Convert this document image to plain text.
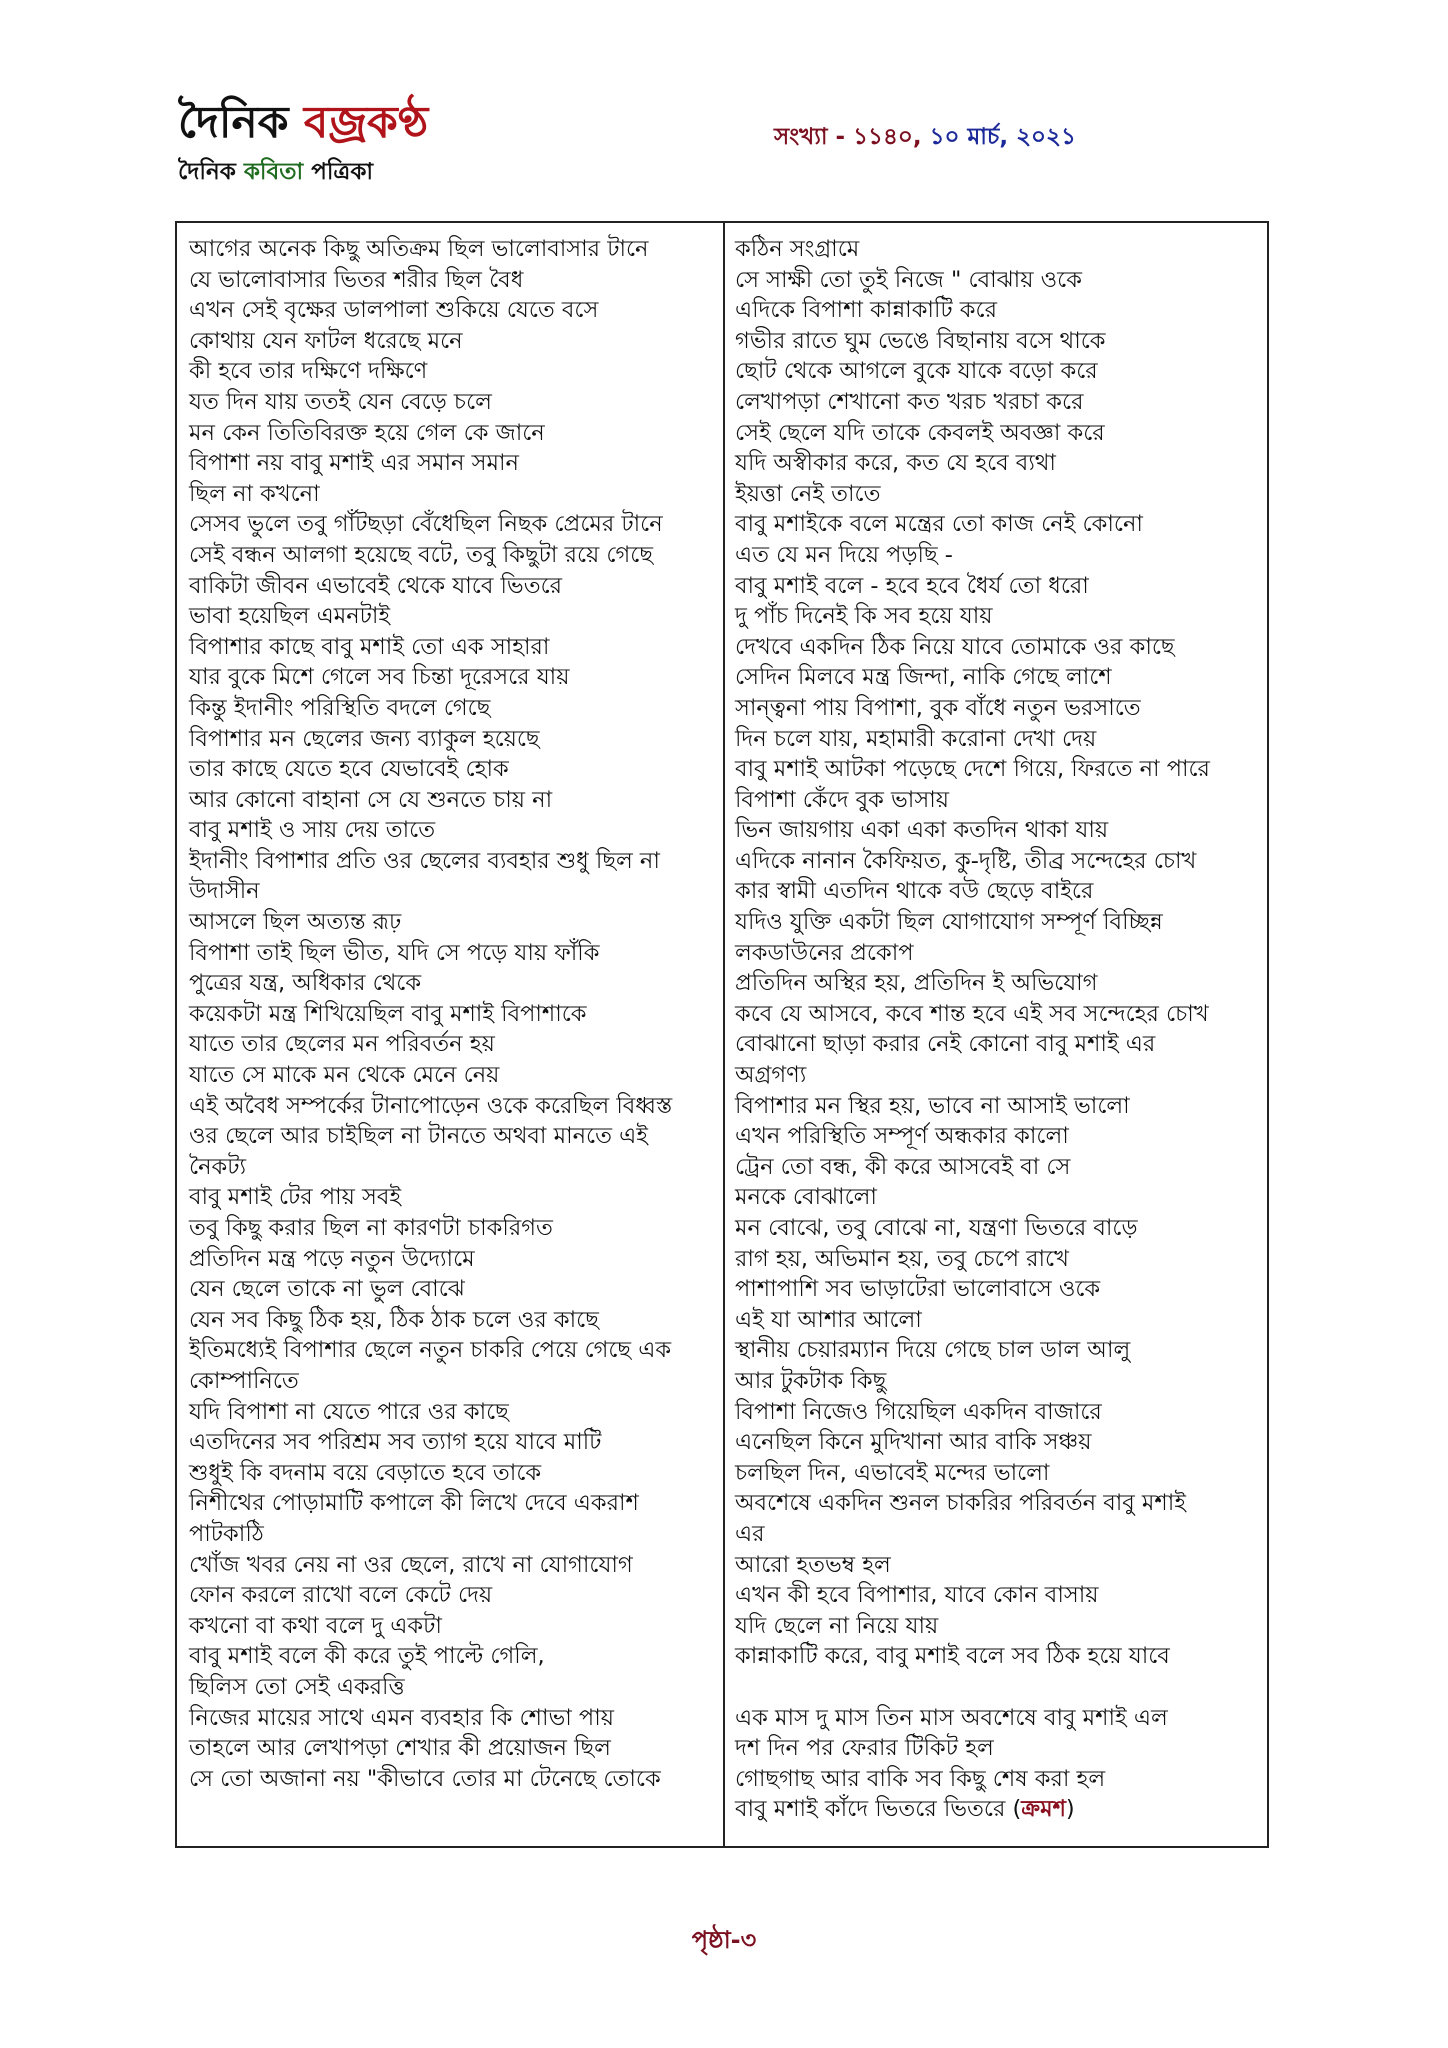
দৈনিক বজ্রকণ্ঠ
দৈনিক কবিতা পত্রিকা
সংখ্যা - ১১৪০, ১০ মার্চ, ২০২১
আগের অনেক কিছু অতিক্রম ছিল ভালোবাসার টানে
যে ভালোবাসার ভিতর শরীর ছিল বৈধ
এখন সেই বৃক্ষের ডালপালা শুকিয়ে যেতে বসে
কোথায় যেন ফাটল ধরেছে মনে
কী হবে তার দক্ষিণে দক্ষিণে
যত দিন যায় ততই যেন বেড়ে চলে
মন কেন তিতিবিরক্ত হয়ে গেল কে জানে
বিপাশা নয় বাবু মশাই এর সমান সমান
ছিল না কখনো
সেসব ভুলে তবু গাঁটছড়া বেঁধেছিল নিছক প্রেমের টানে
সেই বন্ধন আলগা হয়েছে বটে, তবু কিছুটা রয়ে গেছে
বাকিটা জীবন এভাবেই থেকে যাবে ভিতরে
ভাবা হয়েছিল এমনটাই
বিপাশার কাছে বাবু মশাই তো এক সাহারা
যার বুকে মিশে গেলে সব চিন্তা দূরেসরে যায়
কিন্তু ইদানীং পরিস্থিতি বদলে গেছে
বিপাশার মন ছেলের জন্য ব্যাকুল হয়েছে
তার কাছে যেতে হবে যেভাবেই হোক
আর কোনো বাহানা সে যে শুনতে চায় না
বাবু মশাই ও সায় দেয় তাতে
ইদানীং বিপাশার প্রতি ওর ছেলের ব্যবহার শুধু ছিল না
উদাসীন
আসলে ছিল অত্যন্ত রূঢ়
বিপাশা তাই ছিল ভীত, যদি সে পড়ে যায় ফাঁকি
পুত্রের যন্ত্র, অধিকার থেকে
কয়েকটা মন্ত্র শিখিয়েছিল বাবু মশাই বিপাশাকে
যাতে তার ছেলের মন পরিবর্তন হয়
যাতে সে মাকে মন থেকে মেনে নেয়
এই অবৈধ সম্পর্কের টানাপোড়েন ওকে করেছিল বিধ্বস্ত
ওর ছেলে আর চাইছিল না টানতে অথবা মানতে এই
নৈকট্য
বাবু মশাই টের পায় সবই
তবু কিছু করার ছিল না কারণটা চাকরিগত
প্রতিদিন মন্ত্র পড়ে নতুন উদ্যোমে
যেন ছেলে তাকে না ভুল বোঝে
যেন সব কিছু ঠিক হয়, ঠিক ঠাক চলে ওর কাছে
ইতিমধ্যেই বিপাশার ছেলে নতুন চাকরি পেয়ে গেছে এক
কোম্পানিতে
যদি বিপাশা না যেতে পারে ওর কাছে
এতদিনের সব পরিশ্রম সব ত্যাগ হয়ে যাবে মাটি
শুধুই কি বদনাম বয়ে বেড়াতে হবে তাকে
নিশীথের পোড়ামাটি কপালে কী লিখে দেবে একরাশ
পাটকাঠি
খোঁজ খবর নেয় না ওর ছেলে, রাখে না যোগাযোগ
ফোন করলে রাখো বলে কেটে দেয়
কখনো বা কথা বলে দু একটা
বাবু মশাই বলে কী করে তুই পাল্টে গেলি,
ছিলিস তো সেই একরত্তি
নিজের মায়ের সাথে এমন ব্যবহার কি শোভা পায়
তাহলে আর লেখাপড়া শেখার কী প্রয়োজন ছিল
সে তো অজানা নয় "কীভাবে তোর মা টেনেছে তোকে
কঠিন সংগ্রামে
সে সাক্ষী তো তুই নিজে " বোঝায় ওকে
এদিকে বিপাশা কান্নাকাটি করে
গভীর রাতে ঘুম ভেঙে বিছানায় বসে থাকে
ছোট থেকে আগলে বুকে যাকে বড়ো করে
লেখাপড়া শেখানো কত খরচ খরচা করে
সেই ছেলে যদি তাকে কেবলই অবজ্ঞা করে
যদি অস্বীকার করে, কত যে হবে ব্যথা
ইয়ত্তা নেই তাতে
বাবু মশাইকে বলে মন্ত্রের তো কাজ নেই কোনো
এত যে মন দিয়ে পড়ছি -
বাবু মশাই বলে - হবে হবে ধৈর্য তো ধরো
দু পাঁচ দিনেই কি সব হয়ে যায়
দেখবে একদিন ঠিক নিয়ে যাবে তোমাকে ওর কাছে
সেদিন মিলবে মন্ত্র জিন্দা, নাকি গেছে লাশে
সান্ত্বনা পায় বিপাশা, বুক বাঁধে নতুন ভরসাতে
দিন চলে যায়, মহামারী করোনা দেখা দেয়
বাবু মশাই আটকা পড়েছে দেশে গিয়ে, ফিরতে না পারে
বিপাশা কেঁদে বুক ভাসায়
ভিন জায়গায় একা একা কতদিন থাকা যায়
এদিকে নানান কৈফিয়ত, কু-দৃষ্টি, তীব্র সন্দেহের চোখ
কার স্বামী এতদিন থাকে বউ ছেড়ে বাইরে
যদিও যুক্তি একটা ছিল যোগাযোগ সম্পূর্ণ বিচ্ছিন্ন
লকডাউনের প্রকোপ
প্রতিদিন অস্থির হয়, প্রতিদিন ই অভিযোগ
কবে যে আসবে, কবে শান্ত হবে এই সব সন্দেহের চোখ
বোঝানো ছাড়া করার নেই কোনো বাবু মশাই এর
অগ্রগণ্য
বিপাশার মন স্থির হয়, ভাবে না আসাই ভালো
এখন পরিস্থিতি সম্পূর্ণ অন্ধকার কালো
ট্রেন তো বন্ধ, কী করে আসবেই বা সে
মনকে বোঝালো
মন বোঝে, তবু বোঝে না, যন্ত্রণা ভিতরে বাড়ে
রাগ হয়, অভিমান হয়, তবু চেপে রাখে
পাশাপাশি সব ভাড়াটেরা ভালোবাসে ওকে
এই যা আশার আলো
স্থানীয় চেয়ারম্যান দিয়ে গেছে চাল ডাল আলু
আর টুকটাক কিছু
বিপাশা নিজেও গিয়েছিল একদিন বাজারে
এনেছিল কিনে মুদিখানা আর বাকি সঞ্চয়
চলছিল দিন, এভাবেই মন্দের ভালো
অবশেষে একদিন শুনল চাকরির পরিবর্তন বাবু মশাই
এর
আরো হতভম্ব হল
এখন কী হবে বিপাশার, যাবে কোন বাসায়
যদি ছেলে না নিয়ে যায়
কান্নাকাটি করে, বাবু মশাই বলে সব ঠিক হয়ে যাবে
এক মাস দু মাস তিন মাস অবশেষে বাবু মশাই এল
দশ দিন পর ফেরার টিকিট হল
গোছগাছ আর বাকি সব কিছু শেষ করা হল
বাবু মশাই কাঁদে ভিতরে ভিতরে (ক্রমশ)
পৃষ্ঠা-৩
